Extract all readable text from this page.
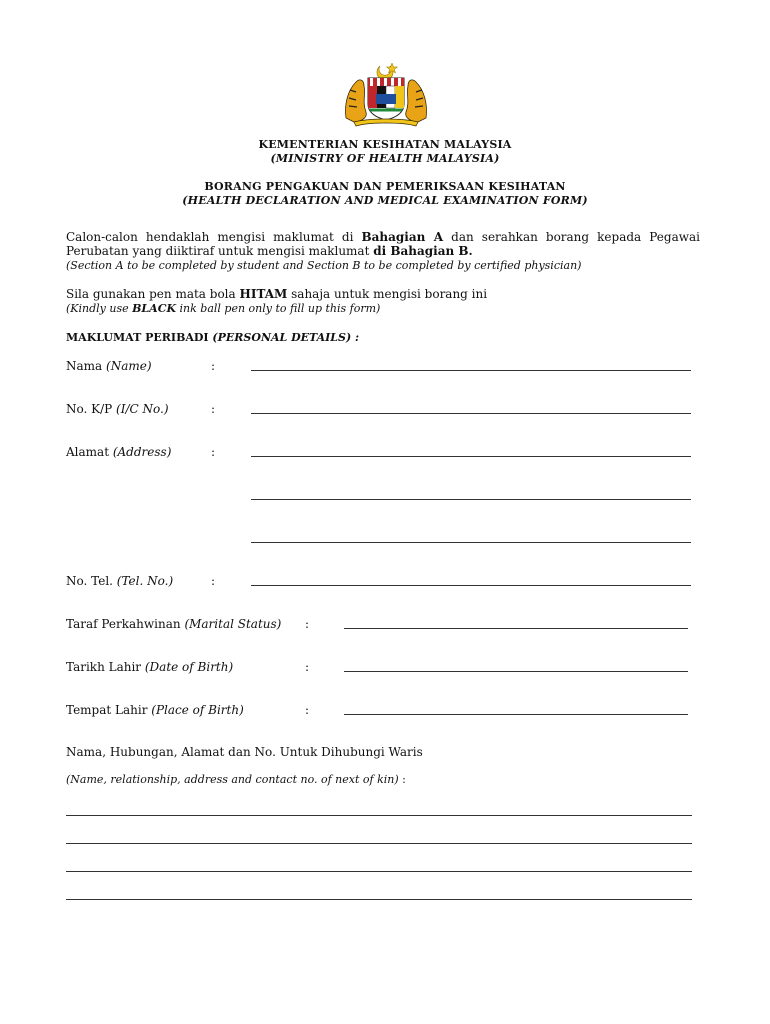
KEMENTERIAN KESIHATAN MALAYSIA
(MINISTRY OF HEALTH MALAYSIA)
BORANG PENGAKUAN DAN PEMERIKSAAN KESIHATAN
(HEALTH DECLARATION AND MEDICAL EXAMINATION FORM)
Calon-calon hendaklah mengisi maklumat di Bahagian A dan serahkan borang kepada Pegawai
Perubatan yang diiktiraf untuk mengisi maklumat di Bahagian B.
(Section A to be completed by student and Section B to be completed by certified physician)
Sila gunakan pen mata bola HITAM sahaja untuk mengisi borang ini
(Kindly use BLACK ink ball pen only to fill up this form)
MAKLUMAT PERIBADI (PERSONAL DETAILS) :
Nama (Name)	:
No. K/P (I/C No.)	:
Alamat (Address)	:
No. Tel. (Tel. No.)	:
Taraf Perkahwinan (Marital Status) :
Tarikh Lahir (Date of Birth)	:
Tempat Lahir (Place of Birth)	:
Nama, Hubungan, Alamat dan No. Untuk Dihubungi Waris
(Name, relationship, address and contact no. of next of kin) :
